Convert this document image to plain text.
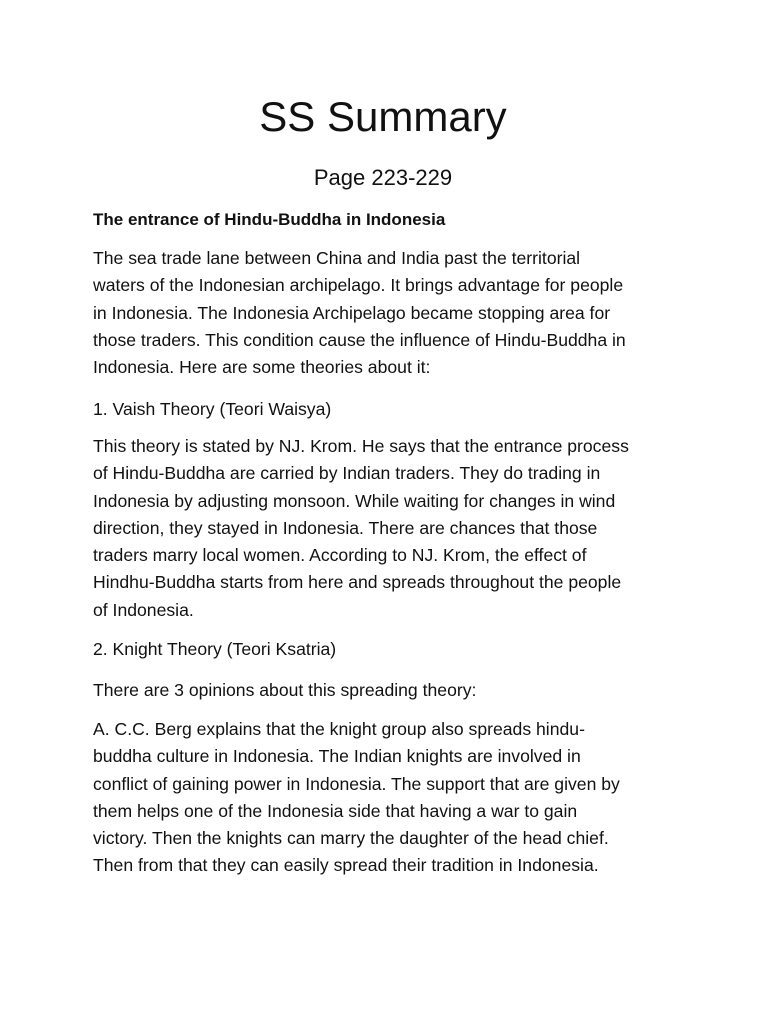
SS Summary
Page 223-229
The entrance of Hindu-Buddha in Indonesia

The sea trade lane between China and India past the territorial
waters of the Indonesian archipelago. It brings advantage for people
in Indonesia. The Indonesia Archipelago became stopping area for
those traders. This condition cause the influence of Hindu-Buddha in
Indonesia. Here are some theories about it:

1. Vaish Theory (Teori Waisya)

This theory is stated by NJ. Krom. He says that the entrance process
of Hindu-Buddha are carried by Indian traders. They do trading in
Indonesia by adjusting monsoon. While waiting for changes in wind
direction, they stayed in Indonesia. There are chances that those
traders marry local women. According to NJ. Krom, the effect of
Hindhu-Buddha starts from here and spreads throughout the people
of Indonesia.

2. Knight Theory (Teori Ksatria)

There are 3 opinions about this spreading theory:

A. C.C. Berg explains that the knight group also spreads hindu-
buddha culture in Indonesia. The Indian knights are involved in
conflict of gaining power in Indonesia. The support that are given by
them helps one of the Indonesia side that having a war to gain
victory. Then the knights can marry the daughter of the head chief.
Then from that they can easily spread their tradition in Indonesia.
